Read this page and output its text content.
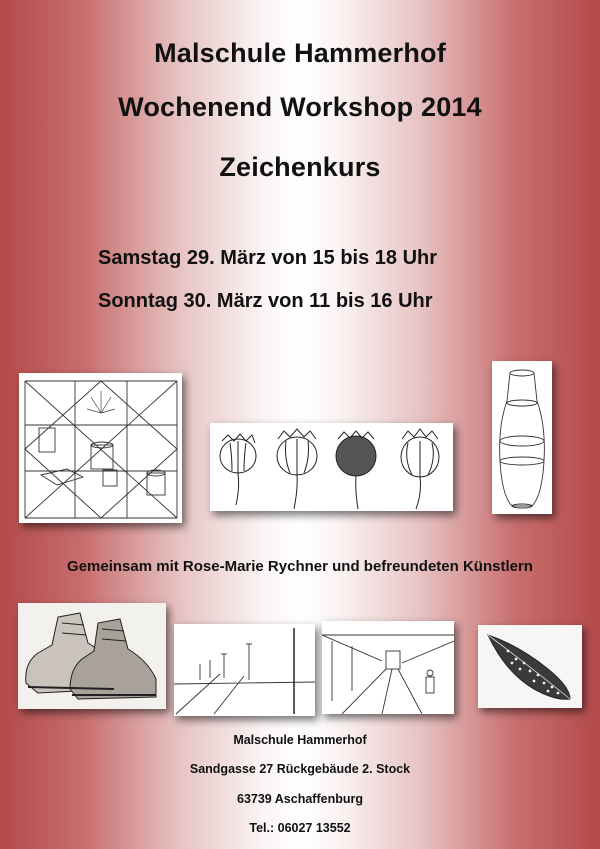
Malschule Hammerhof
Wochenend Workshop 2014
Zeichenkurs
Samstag 29. März von 15 bis 18 Uhr
Sonntag 30. März von 11 bis 16 Uhr
Gemeinsam mit Rose-Marie Rychner und befreundeten Künstlern
Malschule Hammerhof
Sandgasse 27 Rückgebäude 2. Stock
63739 Aschaffenburg
Tel.: 06027 13552
